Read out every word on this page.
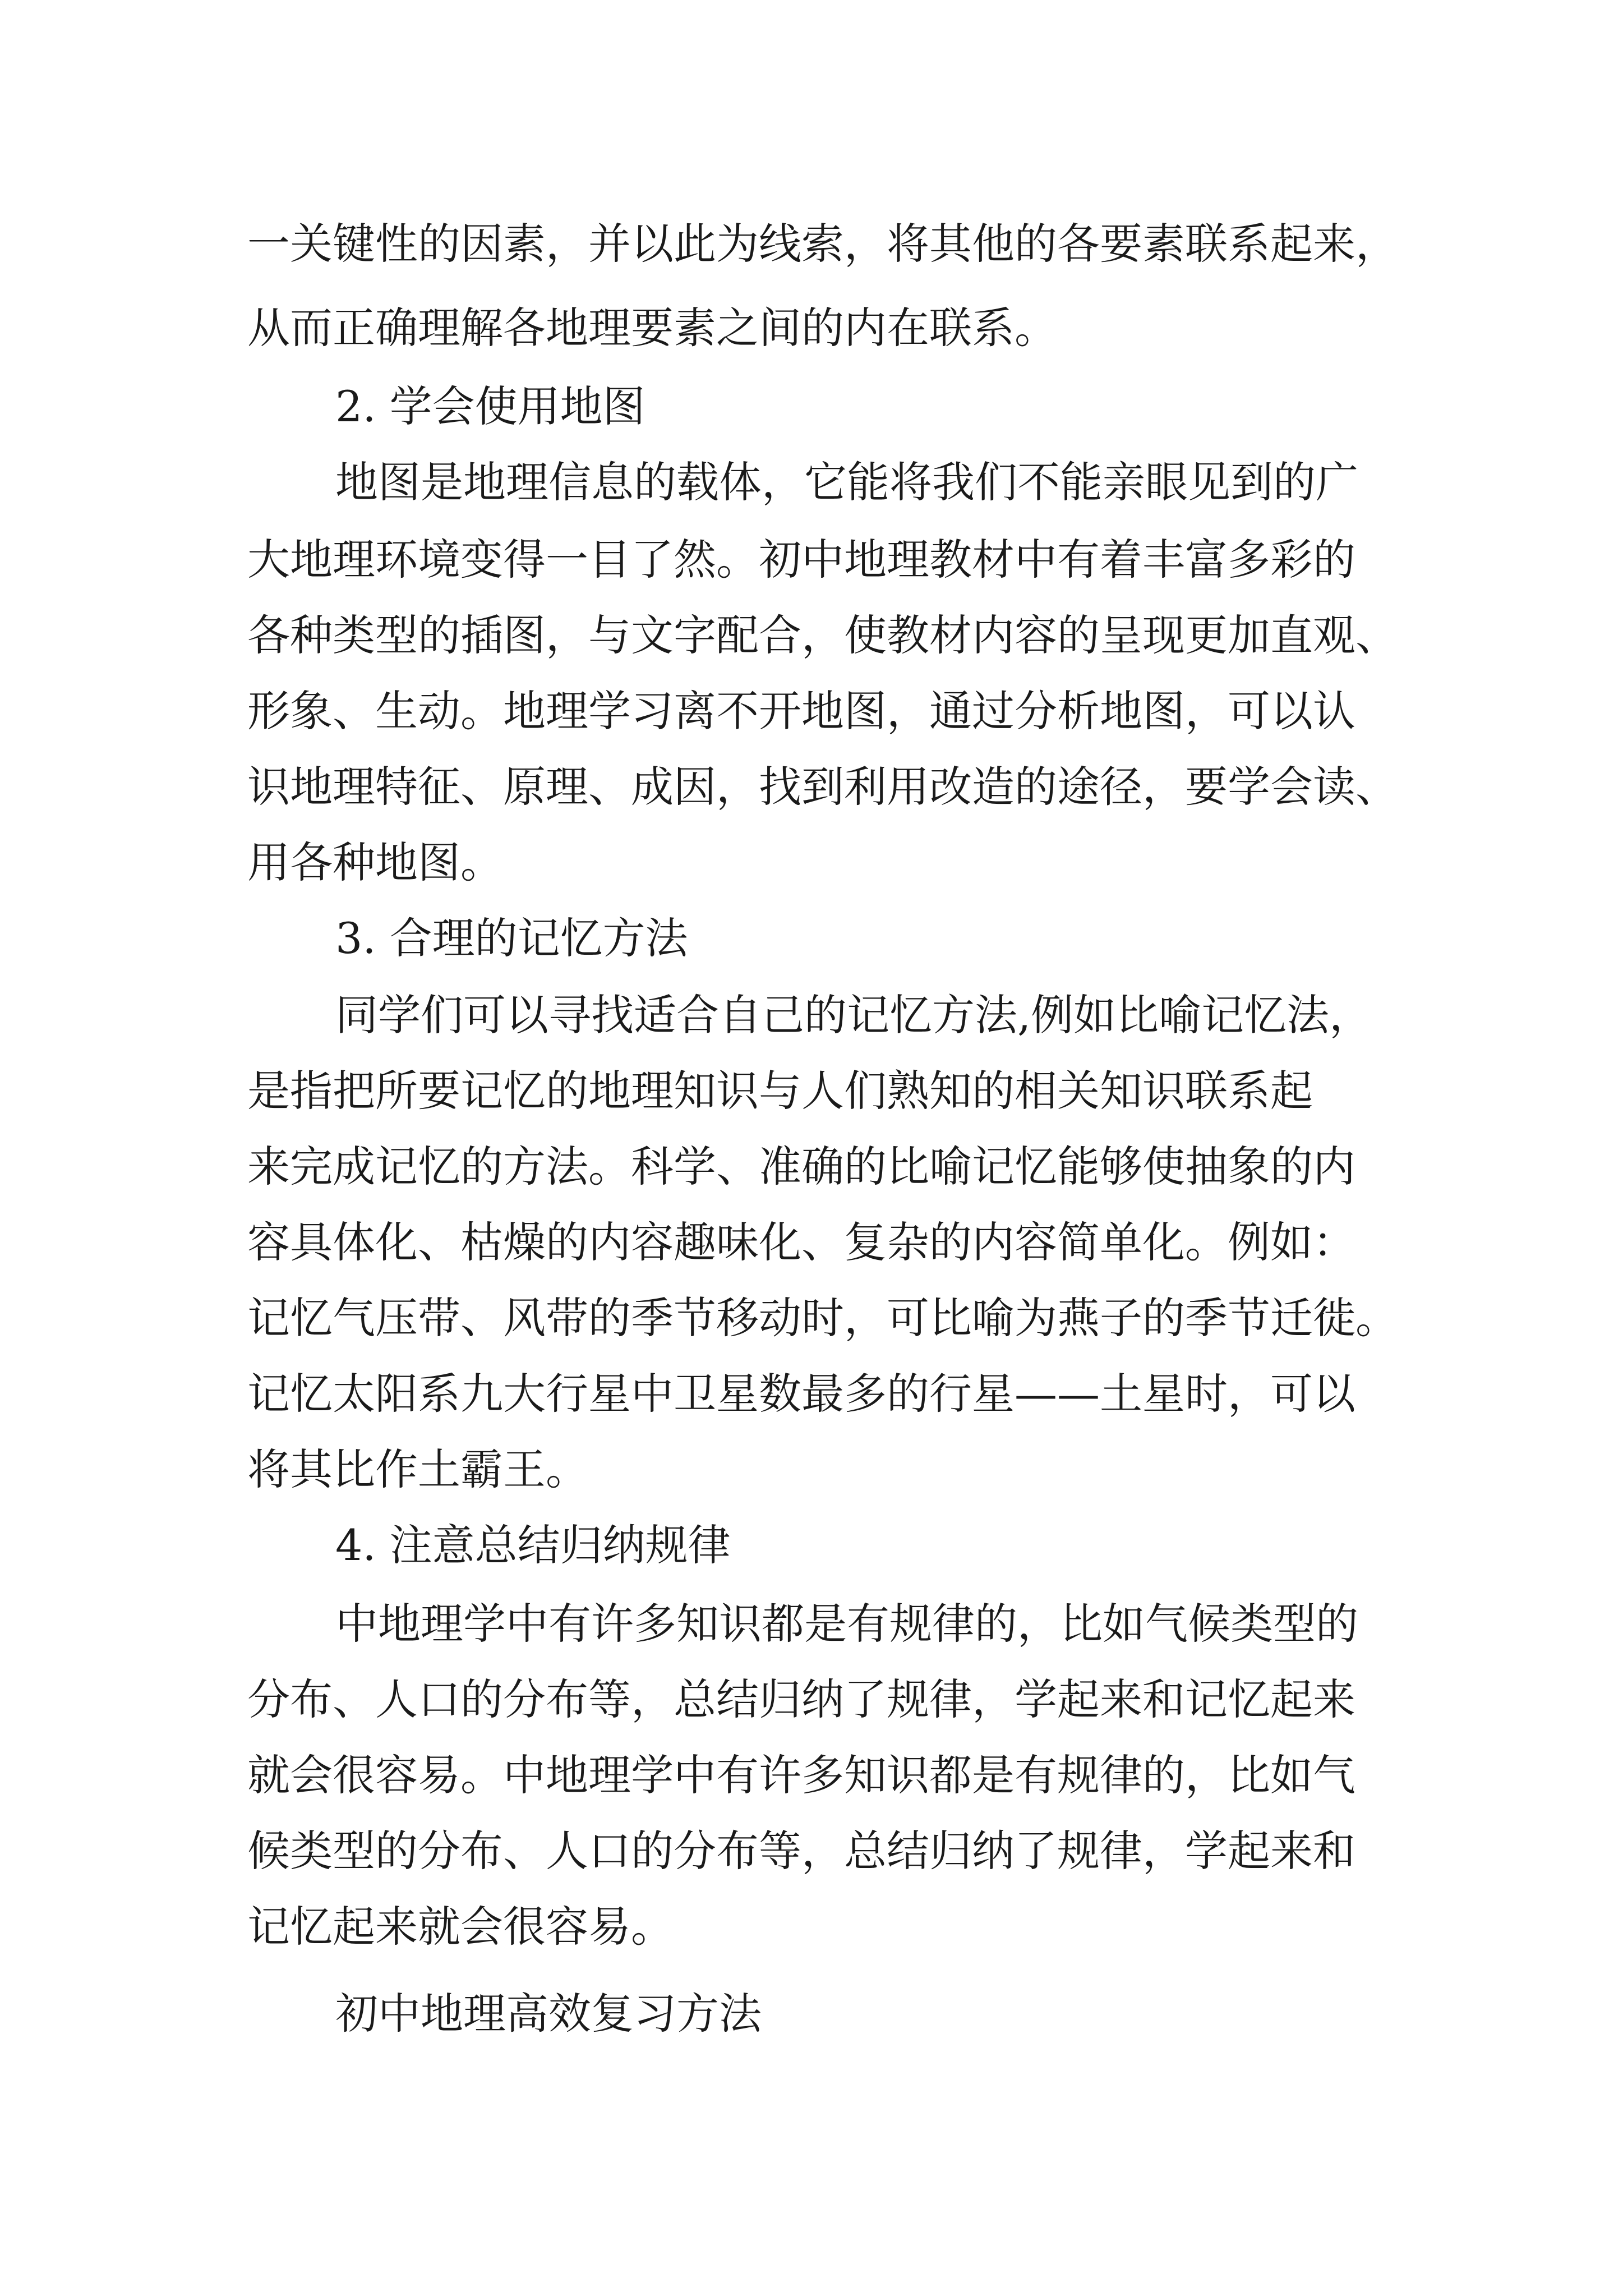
一关键性的因素，并以此为线索，将其他的各要素联系起来，

从而正确理解各地理要素之间的内在联系。

2. 学会使用地图

地图是地理信息的载体，它能将我们不能亲眼见到的广

大地理环境变得一目了然。初中地理教材中有着丰富多彩的

各种类型的插图，与文字配合，使教材内容的呈现更加直观、

形象、生动。地理学习离不开地图，通过分析地图，可以认

识地理特征、原理、成因，找到利用改造的途径，要学会读、

用各种地图。

3. 合理的记忆方法

同学们可以寻找适合自己的记忆方法,例如比喻记忆法，

是指把所要记忆的地理知识与人们熟知的相关知识联系起

来完成记忆的方法。科学、准确的比喻记忆能够使抽象的内

容具体化、枯燥的内容趣味化、复杂的内容简单化。例如：

记忆气压带、风带的季节移动时，可比喻为燕子的季节迁徙。

记忆太阳系九大行星中卫星数最多的行星——土星时，可以

将其比作土霸王。

4. 注意总结归纳规律

中地理学中有许多知识都是有规律的，比如气候类型的

分布、人口的分布等，总结归纳了规律，学起来和记忆起来

就会很容易。中地理学中有许多知识都是有规律的，比如气

候类型的分布、人口的分布等，总结归纳了规律，学起来和

记忆起来就会很容易。

初中地理高效复习方法
